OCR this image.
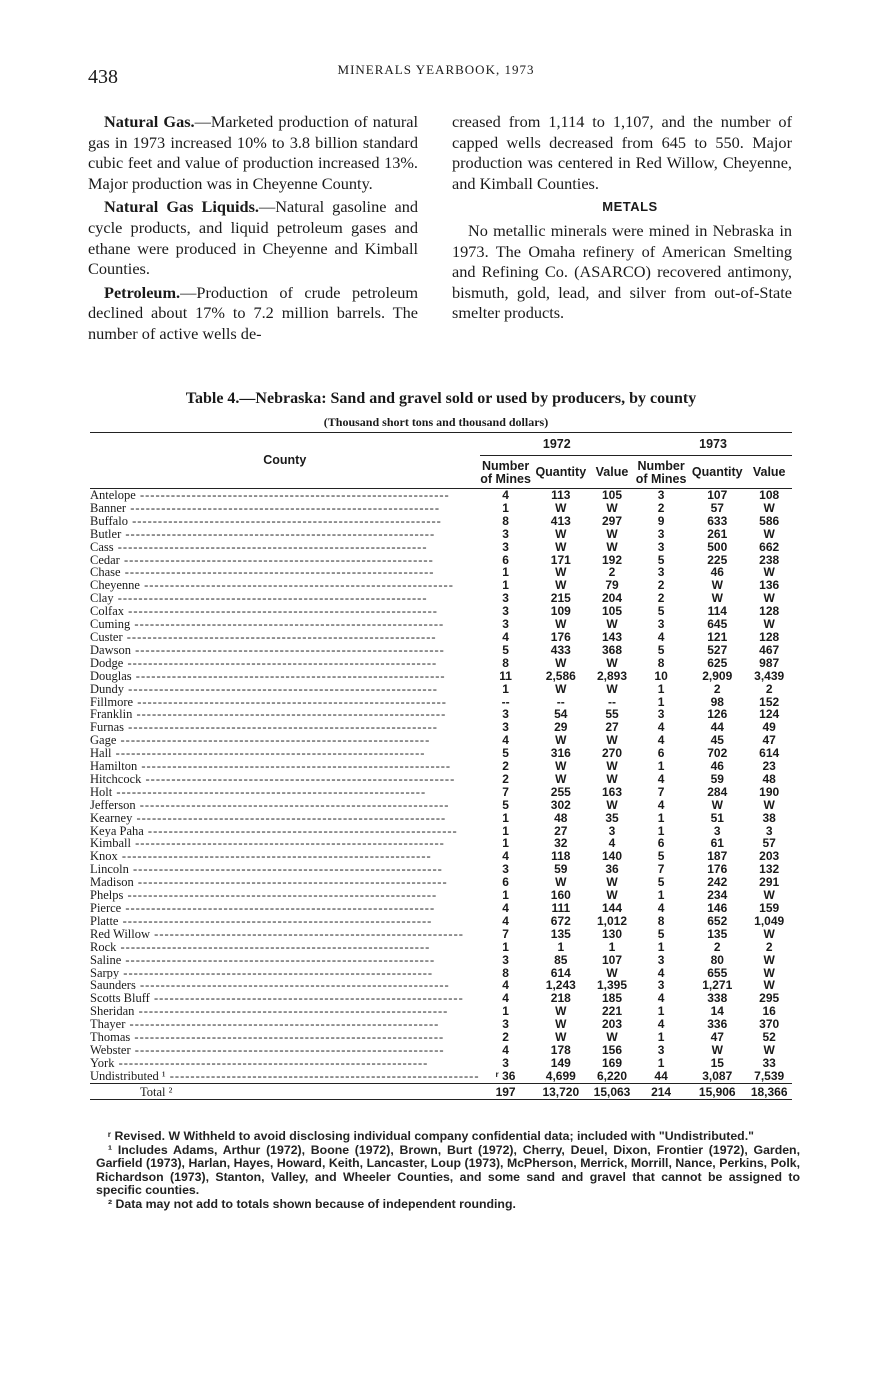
438	MINERALS YEARBOOK, 1973

Natural Gas.—Marketed production of natural gas in 1973 increased 10% to 3.8 billion standard cubic feet and value of production increased 13%. Major production was in Cheyenne County.

Natural Gas Liquids.—Natural gasoline and cycle products, and liquid petroleum gases and ethane were produced in Cheyenne and Kimball Counties.

Petroleum.—Production of crude petroleum declined about 17% to 7.2 million barrels. The number of active wells de-

creased from 1,114 to 1,107, and the number of capped wells decreased from 645 to 550. Major production was centered in Red Willow, Cheyenne, and Kimball Counties.

METALS

No metallic minerals were mined in Nebraska in 1973. The Omaha refinery of American Smelting and Refining Co. (ASARCO) recovered antimony, bismuth, gold, lead, and silver from out-of-State smelter products.

Table 4.—Nebraska: Sand and gravel sold or used by producers, by county
(Thousand short tons and thousand dollars)
County	1972			1973		
	Number of Mines	Quantity	Value	Number of Mines	Quantity	Value
Antelope ------------------------------------------------------------	4	113	105	3	107	108
Banner ------------------------------------------------------------	1	W	W	2	57	W
Buffalo ------------------------------------------------------------	8	413	297	9	633	586
Butler ------------------------------------------------------------	3	W	W	3	261	W
Cass ------------------------------------------------------------	3	W	W	3	500	662
Cedar ------------------------------------------------------------	6	171	192	5	225	238
Chase ------------------------------------------------------------	1	W	2	3	46	W
Cheyenne ------------------------------------------------------------	1	W	79	2	W	136
Clay ------------------------------------------------------------	3	215	204	2	W	W
Colfax ------------------------------------------------------------	3	109	105	5	114	128
Cuming ------------------------------------------------------------	3	W	W	3	645	W
Custer ------------------------------------------------------------	4	176	143	4	121	128
Dawson ------------------------------------------------------------	5	433	368	5	527	467
Dodge ------------------------------------------------------------	8	W	W	8	625	987
Douglas ------------------------------------------------------------	11	2,586	2,893	10	2,909	3,439
Dundy ------------------------------------------------------------	1	W	W	1	2	2
Fillmore ------------------------------------------------------------	--	--	--	1	98	152
Franklin ------------------------------------------------------------	3	54	55	3	126	124
Furnas ------------------------------------------------------------	3	29	27	4	44	49
Gage ------------------------------------------------------------	4	W	W	4	45	47
Hall ------------------------------------------------------------	5	316	270	6	702	614
Hamilton ------------------------------------------------------------	2	W	W	1	46	23
Hitchcock ------------------------------------------------------------	2	W	W	4	59	48
Holt ------------------------------------------------------------	7	255	163	7	284	190
Jefferson ------------------------------------------------------------	5	302	W	4	W	W
Kearney ------------------------------------------------------------	1	48	35	1	51	38
Keya Paha ------------------------------------------------------------	1	27	3	1	3	3
Kimball ------------------------------------------------------------	1	32	4	6	61	57
Knox ------------------------------------------------------------	4	118	140	5	187	203
Lincoln ------------------------------------------------------------	3	59	36	7	176	132
Madison ------------------------------------------------------------	6	W	W	5	242	291
Phelps ------------------------------------------------------------	1	160	W	1	234	W
Pierce ------------------------------------------------------------	4	111	144	4	146	159
Platte ------------------------------------------------------------	4	672	1,012	8	652	1,049
Red Willow ------------------------------------------------------------	7	135	130	5	135	W
Rock ------------------------------------------------------------	1	1	1	1	2	2
Saline ------------------------------------------------------------	3	85	107	3	80	W
Sarpy ------------------------------------------------------------	8	614	W	4	655	W
Saunders ------------------------------------------------------------	4	1,243	1,395	3	1,271	W
Scotts Bluff ------------------------------------------------------------	4	218	185	4	338	295
Sheridan ------------------------------------------------------------	1	W	221	1	14	16
Thayer ------------------------------------------------------------	3	W	203	4	336	370
Thomas ------------------------------------------------------------	2	W	W	1	47	52
Webster ------------------------------------------------------------	4	178	156	3	W	W
York ------------------------------------------------------------	3	149	169	1	15	33
Undistributed ¹ ------------------------------------------------------------	ʳ 36	4,699	6,220	44	3,087	7,539
Total ²	197	13,720	15,063	214	15,906	18,366

ʳ Revised. W Withheld to avoid disclosing individual company confidential data; included with "Undistributed."

¹ Includes Adams, Arthur (1972), Boone (1972), Brown, Burt (1972), Cherry, Deuel, Dixon, Frontier (1972), Garden, Garfield (1973), Harlan, Hayes, Howard, Keith, Lancaster, Loup (1973), McPherson, Merrick, Morrill, Nance, Perkins, Polk, Richardson (1973), Stanton, Valley, and Wheeler Counties, and some sand and gravel that cannot be assigned to specific counties.

² Data may not add to totals shown because of independent rounding.
